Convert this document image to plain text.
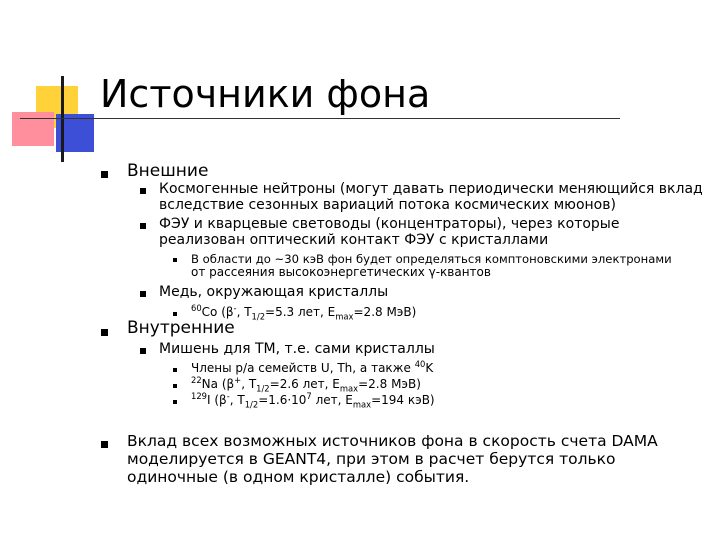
Источники фона

Внешние

Космогенные нейтроны (могут давать периодически меняющийся вклад

вследствие сезонных вариаций потока космических мюонов)

ФЭУ и кварцевые световоды (концентраторы), через которые

реализован оптический контакт ФЭУ с кристаллами

В области до ~30 кэВ фон будет определяться комптоновскими электронами

от рассеяния высокоэнергетических γ-квантов

Медь, окружающая кристаллы

$^{60}$Co (β-, $T_{1/2}=5.3$ лет, $E_{max}=2.8$ МэВ)

Внутренние

Мишень для ТМ, т.е. сами кристаллы

Члены р/а семейств U, Th, а также $^{40}$K

$^{22}$Na (β+, $T_{1/2}=2.6$ лет, $E_{max}=2.8$ МэВ)

$^{129}$I (β-, $T_{1/2}=1.6\cdot 10^7$ лет, $E_{max}=194$ кэВ)

Вклад всех возможных источников фона в скорость счета DAMA

моделируется в GEANT4, при этом в расчет берутся только

одиночные (в одном кристалле) события.
